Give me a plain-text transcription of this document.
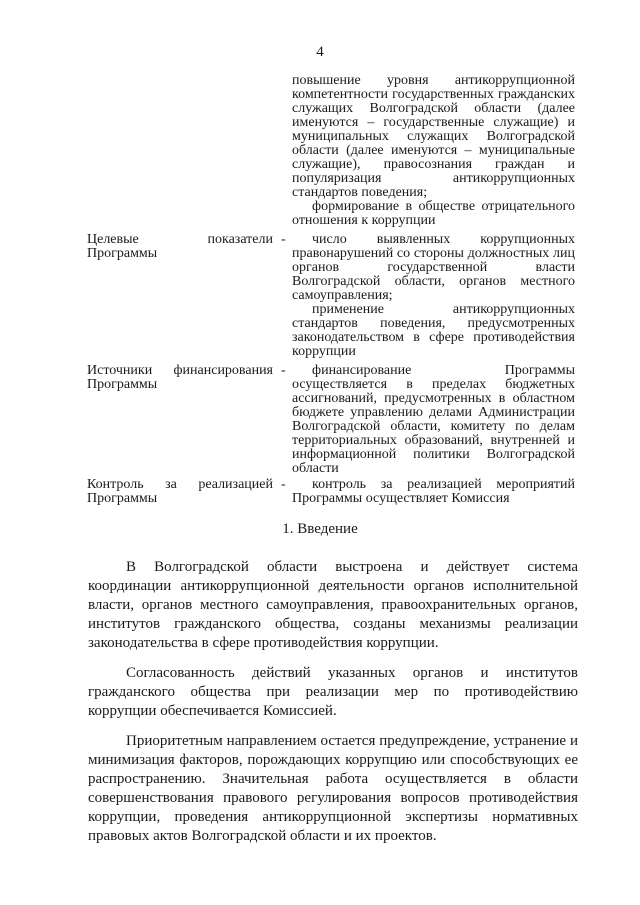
4

повышение уровня антикоррупционной компетентности государственных гражданских служащих Волгоградской области (далее именуются – государственные служащие) и муниципальных служащих Волгоградской области (далее именуются – муниципальные служащие), правосознания граждан и популяризация антикоррупционных стандартов поведения;

формирование в обществе отрицательного отношения к коррупции

Целевые показатели Программы
-	число выявленных коррупционных правонарушений со стороны должностных лиц органов государственной власти Волгоградской области, органов местного самоуправления;

применение антикоррупционных стандартов поведения, предусмотренных законодательством в сфере противодействия коррупции

Источники финансирования Программы
-	финансирование Программы осуществляется в пределах бюджетных ассигнований, предусмотренных в областном бюджете управлению делами Администрации Волгоградской области, комитету по делам территориальных образований, внутренней и информационной политики Волгоградской области

Контроль за реализацией Программы
-	контроль за реализацией мероприятий Программы осуществляет Комиссия

1. Введение

В Волгоградской области выстроена и действует система координации антикоррупционной деятельности органов исполнительной власти, органов местного самоуправления, правоохранительных органов, институтов гражданского общества, созданы механизмы реализации законодательства в сфере противодействия коррупции.

Согласованность действий указанных органов и институтов гражданского общества при реализации мер по противодействию коррупции обеспечивается Комиссией.

Приоритетным направлением остается предупреждение, устранение и минимизация факторов, порождающих коррупцию или способствующих ее распространению. Значительная работа осуществляется в области совершенствования правового регулирования вопросов противодействия коррупции, проведения антикоррупционной экспертизы нормативных правовых актов Волгоградской области и их проектов.
